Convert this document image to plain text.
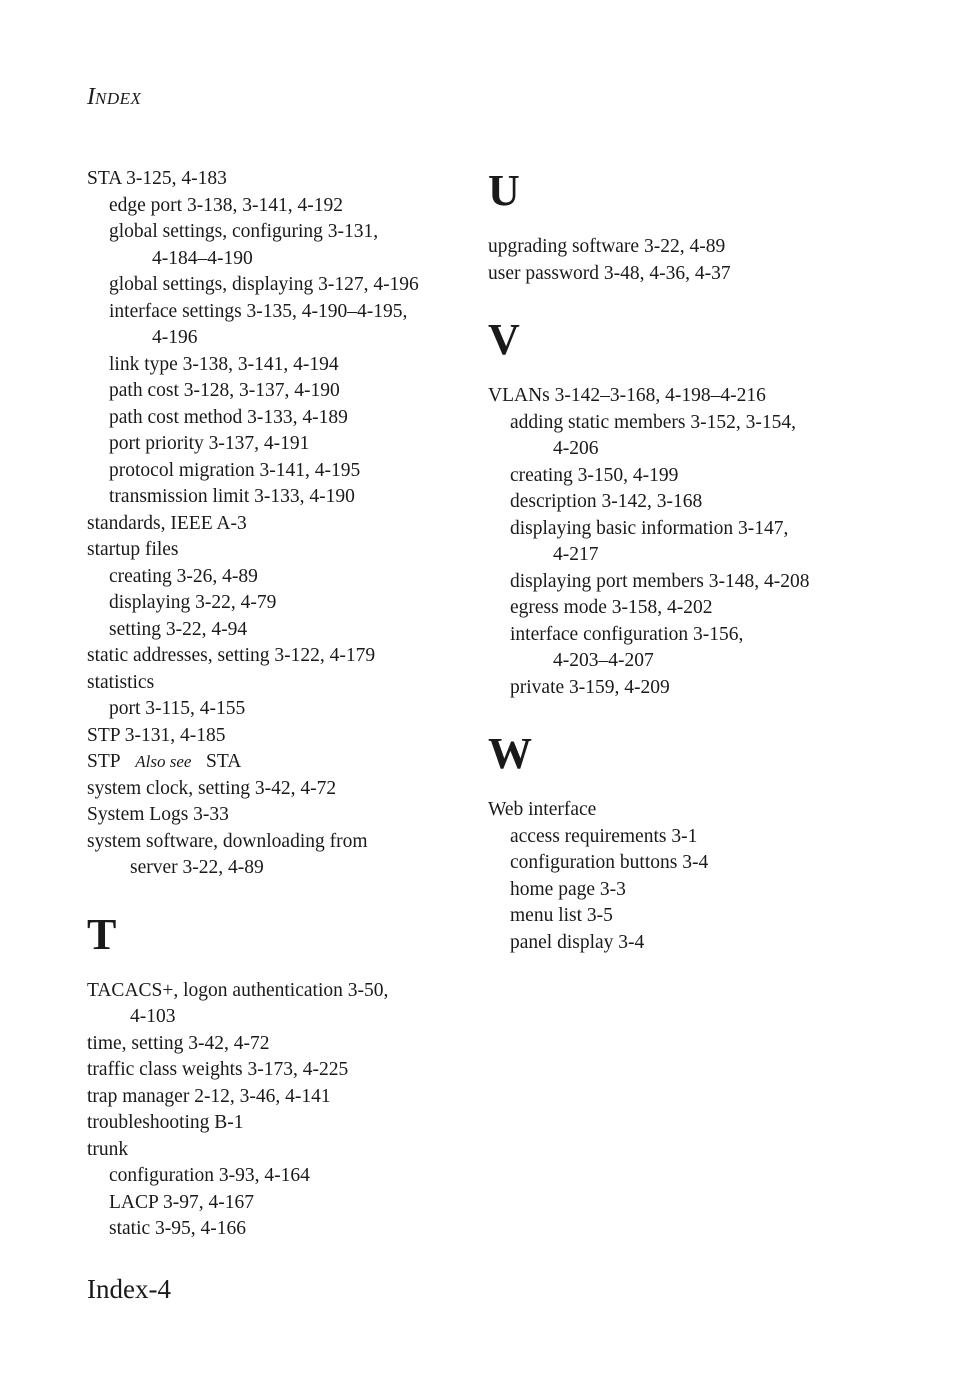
INDEX
STA 3-125, 4-183
edge port 3-138, 3-141, 4-192
global settings, configuring 3-131,
4-184–4-190
global settings, displaying 3-127, 4-196
interface settings 3-135, 4-190–4-195,
4-196
link type 3-138, 3-141, 4-194
path cost 3-128, 3-137, 4-190
path cost method 3-133, 4-189
port priority 3-137, 4-191
protocol migration 3-141, 4-195
transmission limit 3-133, 4-190
standards, IEEE A-3
startup files
creating 3-26, 4-89
displaying 3-22, 4-79
setting 3-22, 4-94
static addresses, setting 3-122, 4-179
statistics
port 3-115, 4-155
STP 3-131, 4-185
STP Also see STA
system clock, setting 3-42, 4-72
System Logs 3-33
system software, downloading from
server 3-22, 4-89
T
TACACS+, logon authentication 3-50,
4-103
time, setting 3-42, 4-72
traffic class weights 3-173, 4-225
trap manager 2-12, 3-46, 4-141
troubleshooting B-1
trunk
configuration 3-93, 4-164
LACP 3-97, 4-167
static 3-95, 4-166
U
upgrading software 3-22, 4-89
user password 3-48, 4-36, 4-37
V
VLANs 3-142–3-168, 4-198–4-216
adding static members 3-152, 3-154,
4-206
creating 3-150, 4-199
description 3-142, 3-168
displaying basic information 3-147,
4-217
displaying port members 3-148, 4-208
egress mode 3-158, 4-202
interface configuration 3-156,
4-203–4-207
private 3-159, 4-209
W
Web interface
access requirements 3-1
configuration buttons 3-4
home page 3-3
menu list 3-5
panel display 3-4
Index-4
